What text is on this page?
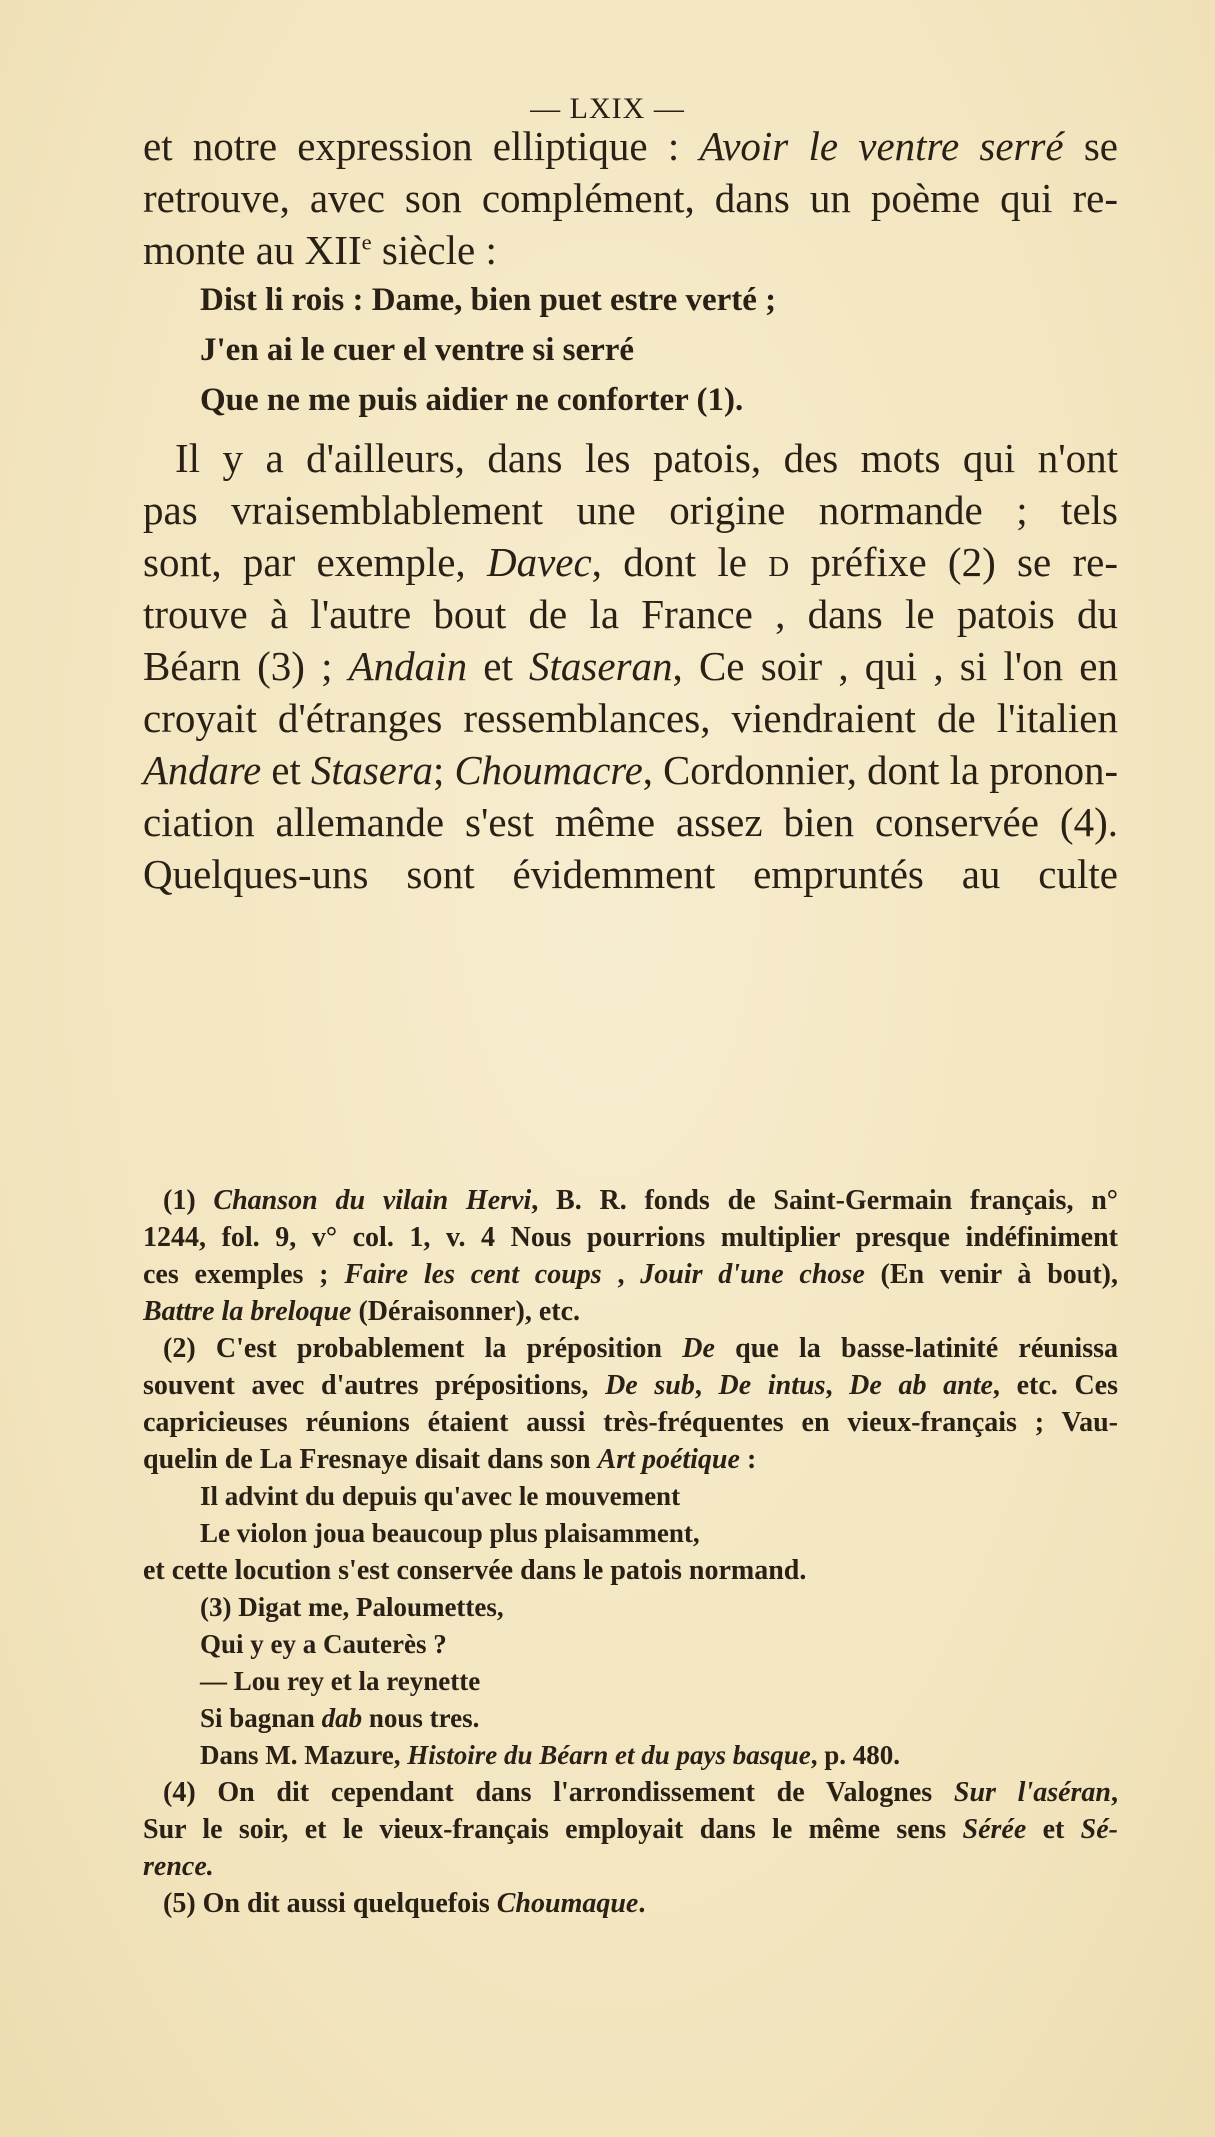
— LXIX —
et notre expression elliptique : Avoir le ventre serré se
retrouve, avec son complément, dans un poème qui re-
monte au XIIe siècle :
Dist li rois : Dame, bien puet estre verté ;
J'en ai le cuer el ventre si serré
Que ne me puis aidier ne conforter (1).
Il y a d'ailleurs, dans les patois, des mots qui n'ont
pas vraisemblablement une origine normande ; tels
sont, par exemple, Davec, dont le d préfixe (2) se re-
trouve à l'autre bout de la France , dans le patois du
Béarn (3) ; Andain et Staseran, Ce soir , qui , si l'on en
croyait d'étranges ressemblances, viendraient de l'italien
Andare et Stasera; Choumacre, Cordonnier, dont la pronon-
ciation allemande s'est même assez bien conservée (4).
Quelques-uns sont évidemment empruntés au culte
(1) Chanson du vilain Hervi, B. R. fonds de Saint-Germain français, n°
1244, fol. 9, v° col. 1, v. 4 Nous pourrions multiplier presque indéfiniment
ces exemples ; Faire les cent coups , Jouir d'une chose (En venir à bout),
Battre la breloque (Déraisonner), etc.
(2) C'est probablement la préposition De que la basse-latinité réunissa
souvent avec d'autres prépositions, De sub, De intus, De ab ante, etc. Ces
capricieuses réunions étaient aussi très-fréquentes en vieux-français ; Vau-
quelin de La Fresnaye disait dans son Art poétique :
Il advint du depuis qu'avec le mouvement
Le violon joua beaucoup plus plaisamment,
et cette locution s'est conservée dans le patois normand.
(3) Digat me, Paloumettes,
Qui y ey a Cauterès ?
— Lou rey et la reynette
Si bagnan dab nous tres.
Dans M. Mazure, Histoire du Béarn et du pays basque, p. 480.
(4) On dit cependant dans l'arrondissement de Valognes Sur l'aséran,
Sur le soir, et le vieux-français employait dans le même sens Sérée et Sé-
rence.
(5) On dit aussi quelquefois Choumaque.
